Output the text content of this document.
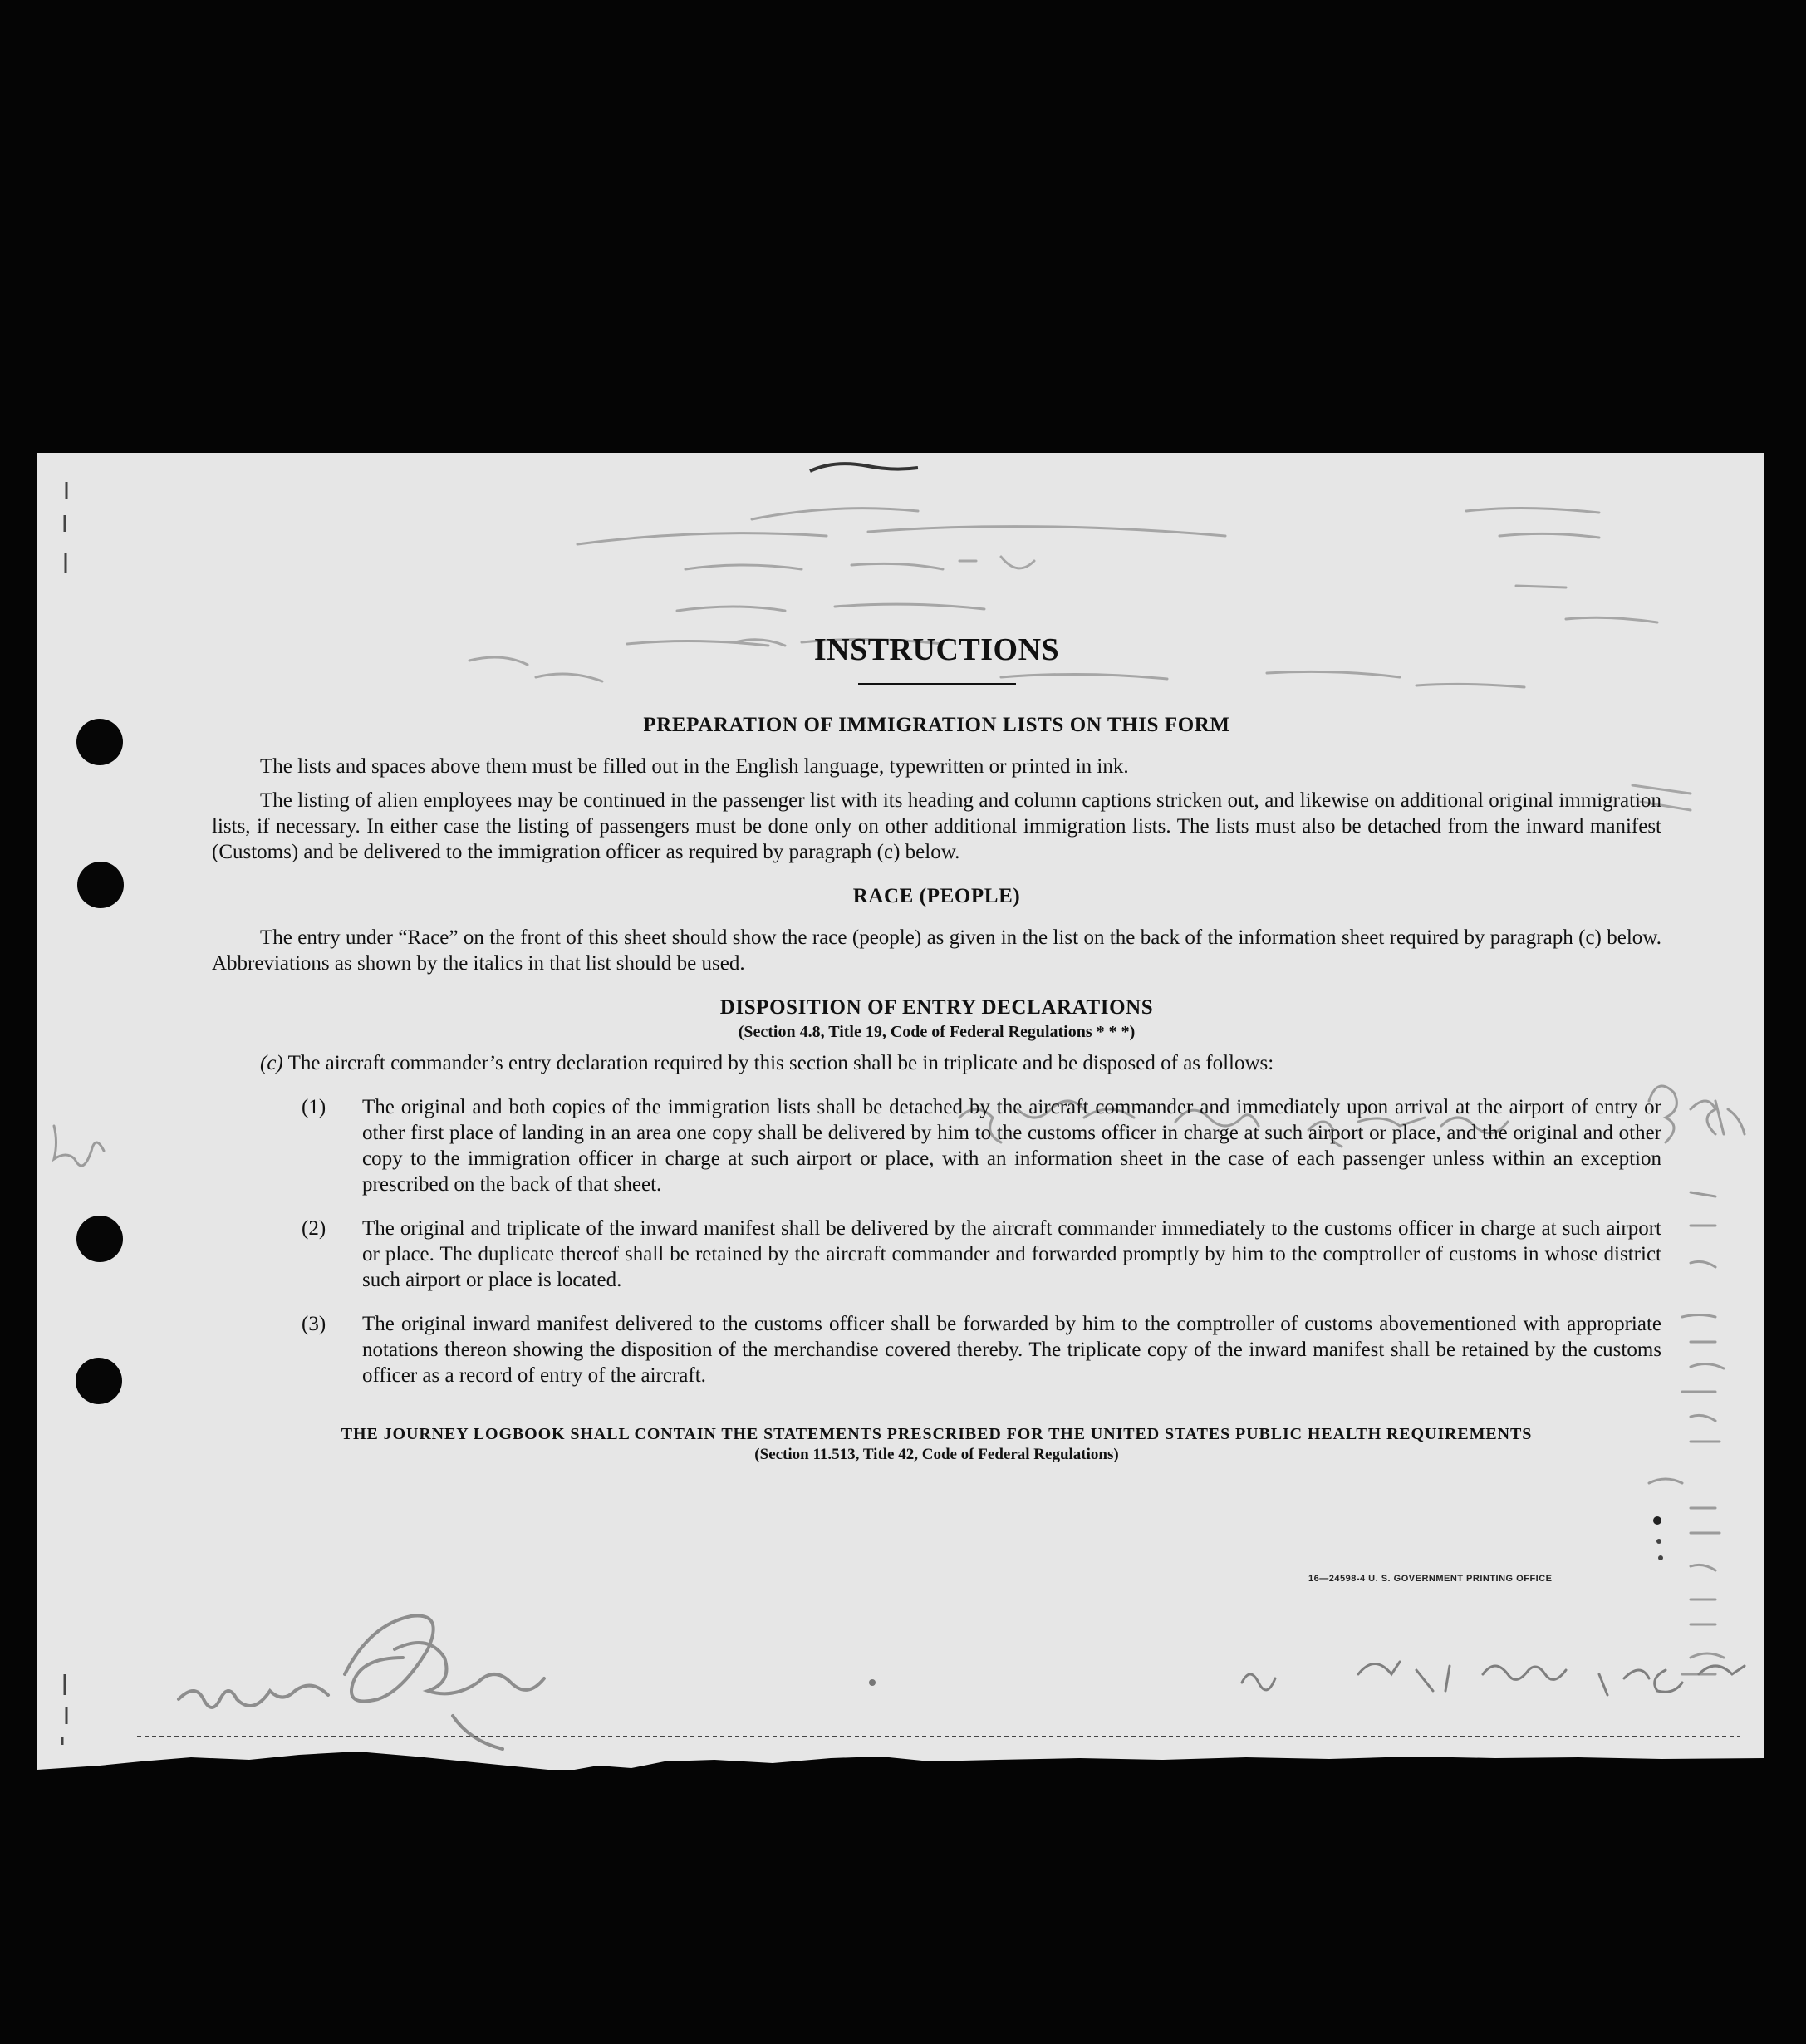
INSTRUCTIONS
PREPARATION OF IMMIGRATION LISTS ON THIS FORM

The lists and spaces above them must be filled out in the English language, typewritten or printed in ink.

The listing of alien employees may be continued in the passenger list with its heading and column captions stricken out, and likewise on additional original immigration lists, if necessary. In either case the listing of passengers must be done only on other additional immigration lists. The lists must also be detached from the inward manifest (Customs) and be delivered to the immigration officer as required by paragraph (c) below.

RACE (PEOPLE)

The entry under “Race” on the front of this sheet should show the race (people) as given in the list on the back of the information sheet required by paragraph (c) below. Abbreviations as shown by the italics in that list should be used.

DISPOSITION OF ENTRY DECLARATIONS

(Section 4.8, Title 19, Code of Federal Regulations * * *)

(c) The aircraft commander’s entry declaration required by this section shall be in triplicate and be disposed of as follows:

(1) The original and both copies of the immigration lists shall be detached by the aircraft commander and immediately upon arrival at the airport of entry or other first place of landing in an area one copy shall be delivered by him to the customs officer in charge at such airport or place, and the original and other copy to the immigration officer in charge at such airport or place, with an information sheet in the case of each passenger unless within an exception prescribed on the back of that sheet.
(2) The original and triplicate of the inward manifest shall be delivered by the aircraft commander immediately to the customs officer in charge at such airport or place. The duplicate thereof shall be retained by the aircraft commander and forwarded promptly by him to the comptroller of customs in whose district such airport or place is located.
(3) The original inward manifest delivered to the customs officer shall be forwarded by him to the comptroller of customs abovementioned with appropriate notations thereon showing the disposition of the merchandise covered thereby. The triplicate copy of the inward manifest shall be retained by the customs officer as a record of entry of the aircraft.

THE JOURNEY LOGBOOK SHALL CONTAIN THE STATEMENTS PRESCRIBED FOR THE UNITED STATES PUBLIC HEALTH REQUIREMENTS

(Section 11.513, Title 42, Code of Federal Regulations)

16—24598-4 U. S. GOVERNMENT PRINTING OFFICE
